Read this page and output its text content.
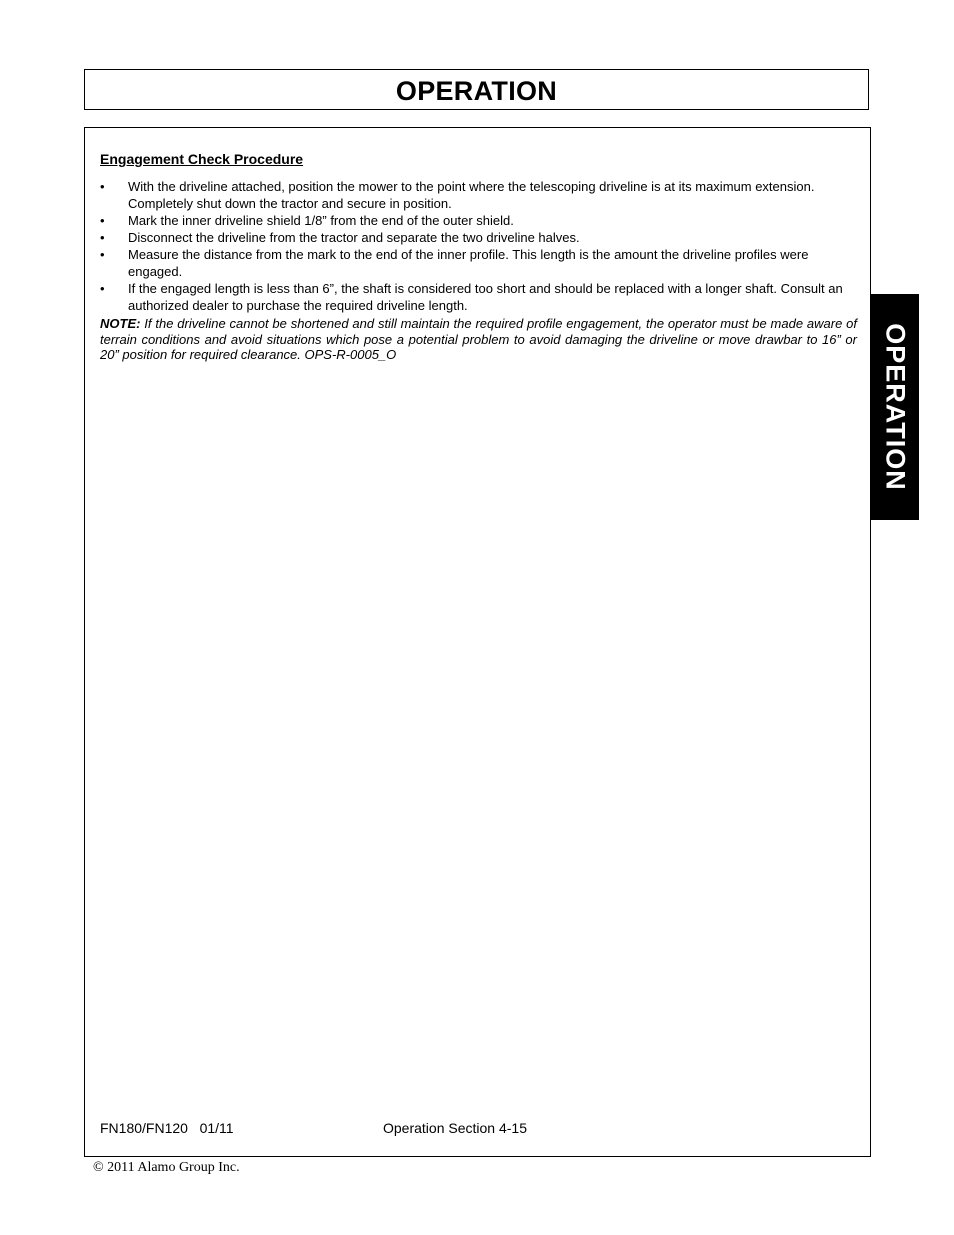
OPERATION
Engagement Check Procedure
• With the driveline attached, position the mower to the point where the telescoping driveline is at its maximum extension. Completely shut down the tractor and secure in position.
• Mark the inner driveline shield 1/8” from the end of the outer shield.
• Disconnect the driveline from the tractor and separate the two driveline halves.
• Measure the distance from the mark to the end of the inner profile. This length is the amount the driveline profiles were engaged.
• If the engaged length is less than 6”, the shaft is considered too short and should be replaced with a longer shaft. Consult an authorized dealer to purchase the required driveline length.

NOTE: If the driveline cannot be shortened and still maintain the required profile engagement, the operator must be made aware of terrain conditions and avoid situations which pose a potential problem to avoid damaging the driveline or move drawbar to 16” or 20” position for required clearance. OPS-R-0005_O

FN180/FN120   01/11	Operation Section 4-15
© 2011 Alamo Group Inc.
OPERATION
